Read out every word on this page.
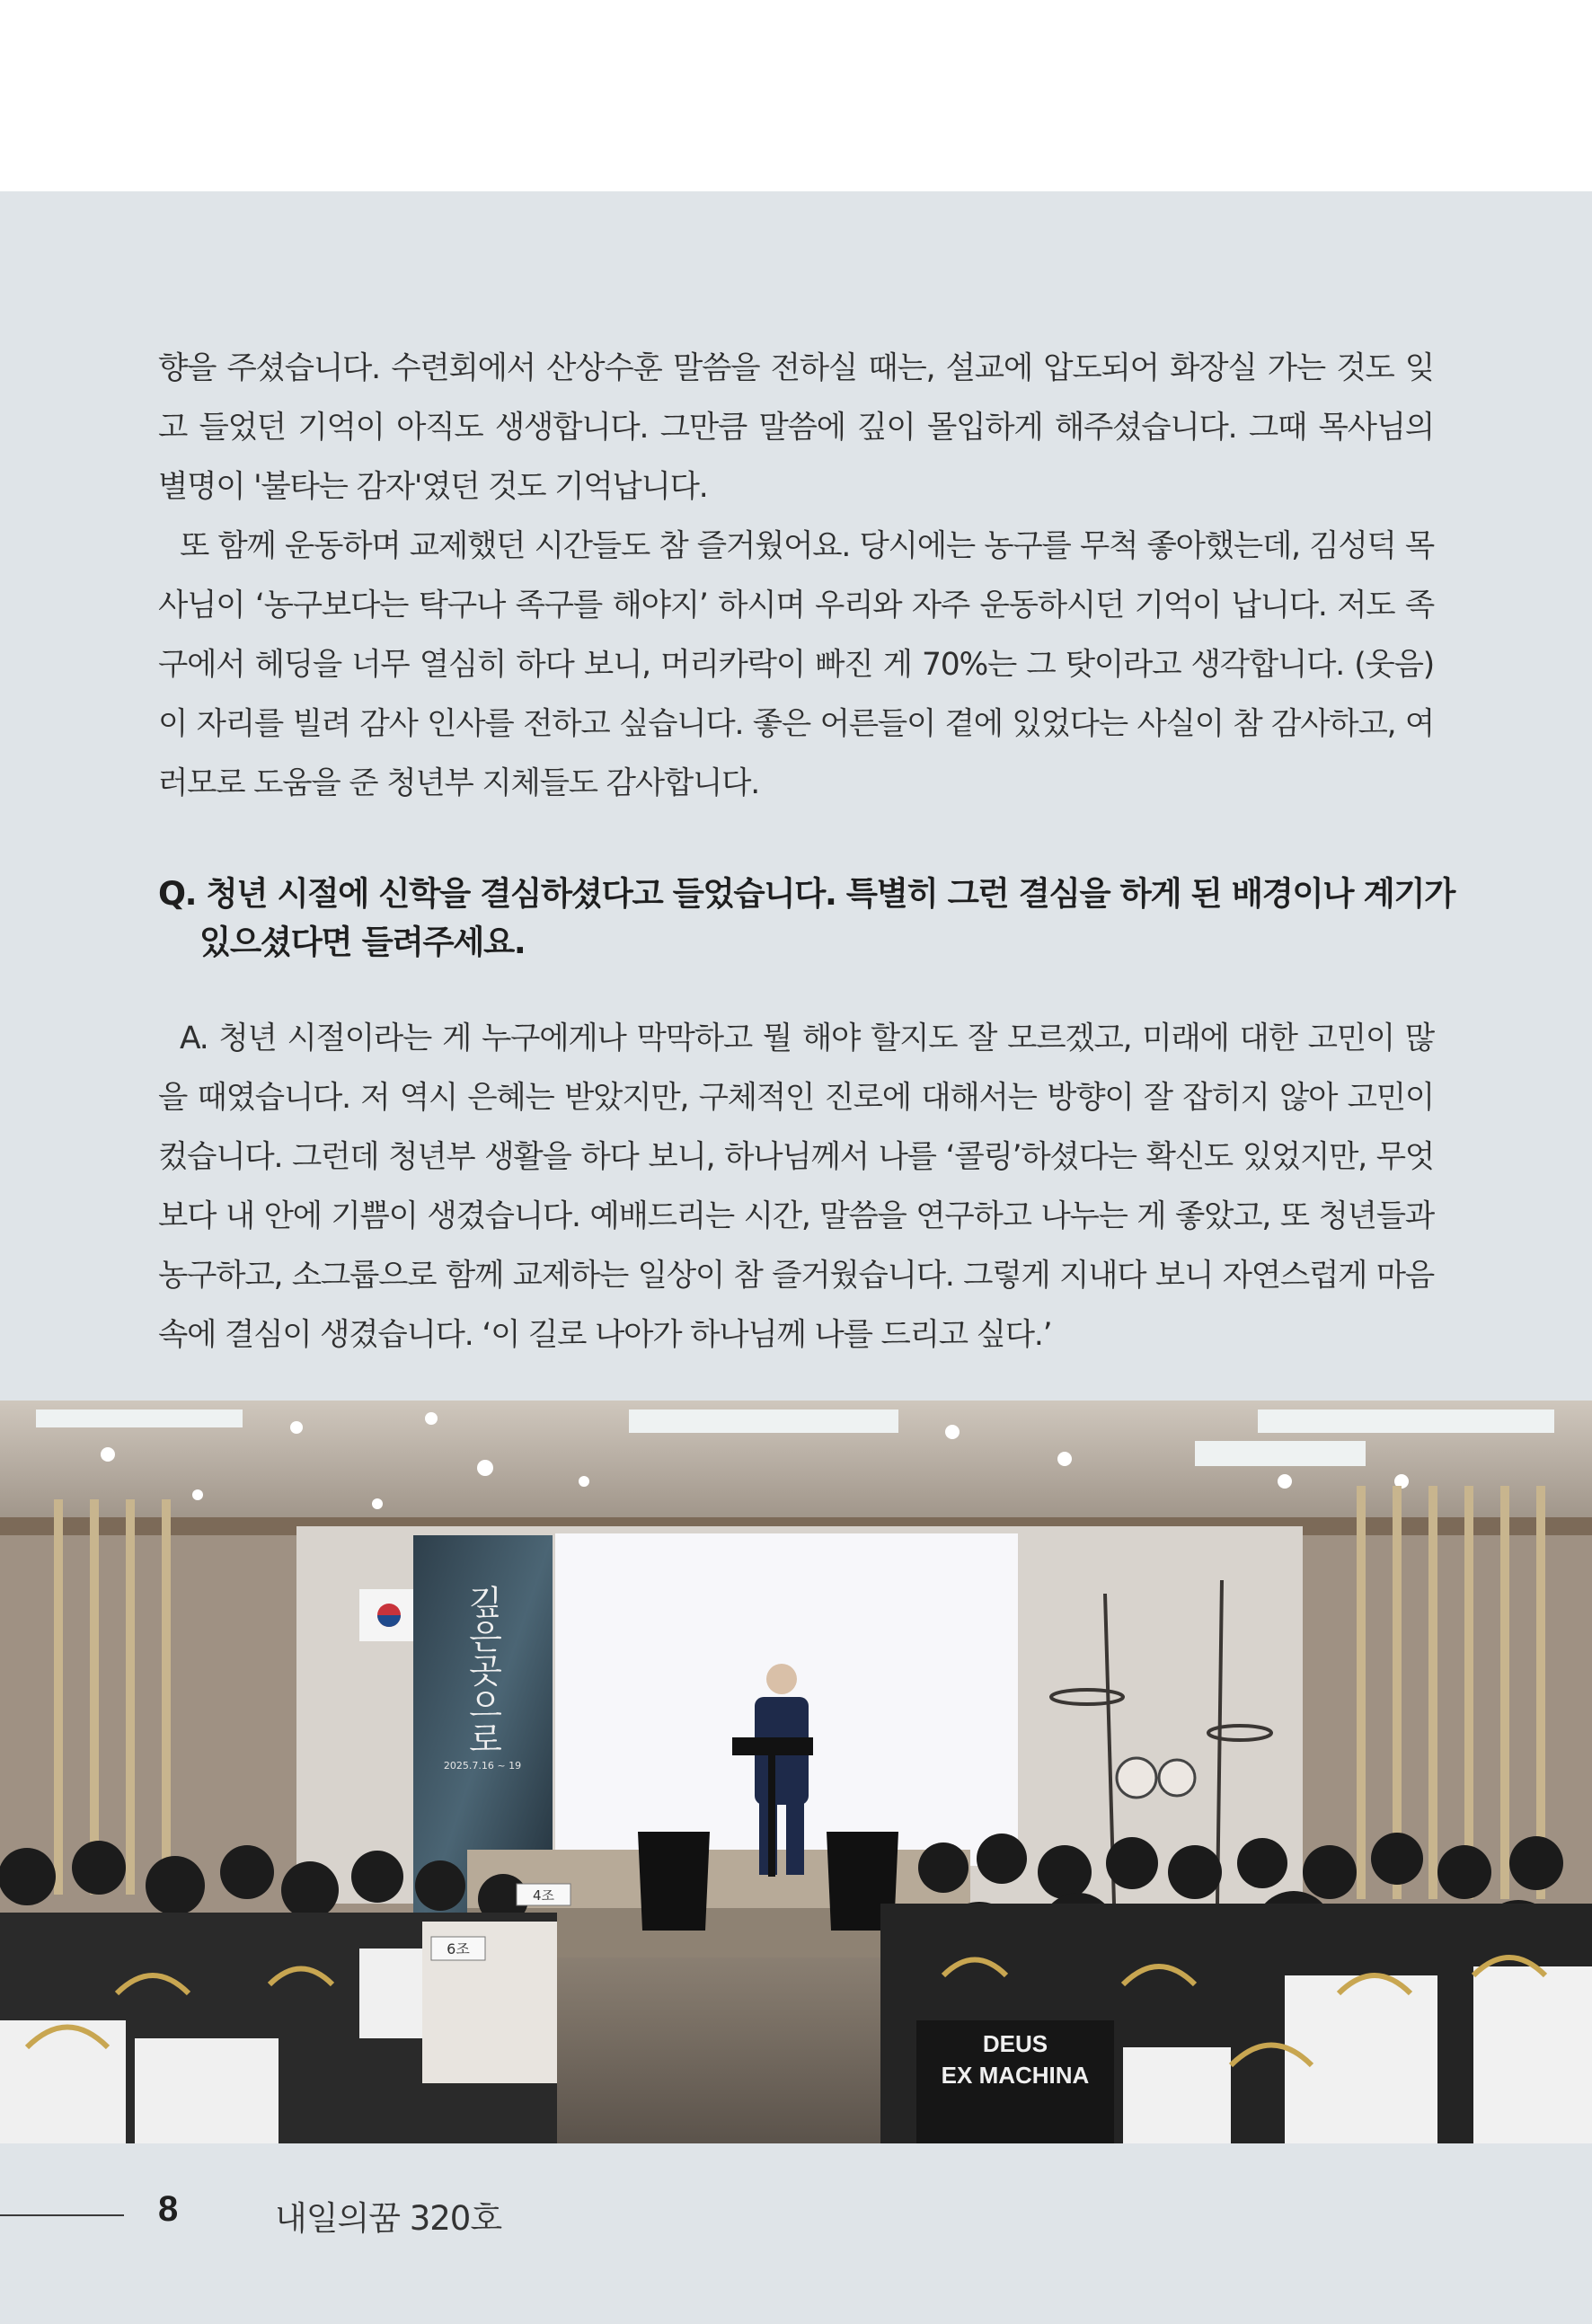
향을 주셨습니다. 수련회에서 산상수훈 말씀을 전하실 때는, 설교에 압도되어 화장실 가는 것도 잊고 들었던 기억이 아직도 생생합니다. 그만큼 말씀에 깊이 몰입하게 해주셨습니다. 그때 목사님의 별명이 '불타는 감자'였던 것도 기억납니다.

또 함께 운동하며 교제했던 시간들도 참 즐거웠어요. 당시에는 농구를 무척 좋아했는데, 김성덕 목사님이 ‘농구보다는 탁구나 족구를 해야지’ 하시며 우리와 자주 운동하시던 기억이 납니다. 저도 족구에서 헤딩을 너무 열심히 하다 보니, 머리카락이 빠진 게 70%는 그 탓이라고 생각합니다. (웃음) 이 자리를 빌려 감사 인사를 전하고 싶습니다. 좋은 어른들이 곁에 있었다는 사실이 참 감사하고, 여러모로 도움을 준 청년부 지체들도 감사합니다.

Q. 청년 시절에 신학을 결심하셨다고 들었습니다. 특별히 그런 결심을 하게 된 배경이나 계기가 있으셨다면 들려주세요.

A. 청년 시절이라는 게 누구에게나 막막하고 뭘 해야 할지도 잘 모르겠고, 미래에 대한 고민이 많을 때였습니다. 저 역시 은혜는 받았지만, 구체적인 진로에 대해서는 방향이 잘 잡히지 않아 고민이 컸습니다. 그런데 청년부 생활을 하다 보니, 하나님께서 나를 ‘콜링’하셨다는 확신도 있었지만, 무엇보다 내 안에 기쁨이 생겼습니다. 예배드리는 시간, 말씀을 연구하고 나누는 게 좋았고, 또 청년들과 농구하고, 소그룹으로 함께 교제하는 일상이 참 즐거웠습니다. 그렇게 지내다 보니 자연스럽게 마음속에 결심이 생겼습니다. ‘이 길로 나아가 하나님께 나를 드리고 싶다.’

깊은곳으로
2025.7.16 ~ 19
6조
4조
DEUS
EX MACHINA
8	내일의꿈 320호
